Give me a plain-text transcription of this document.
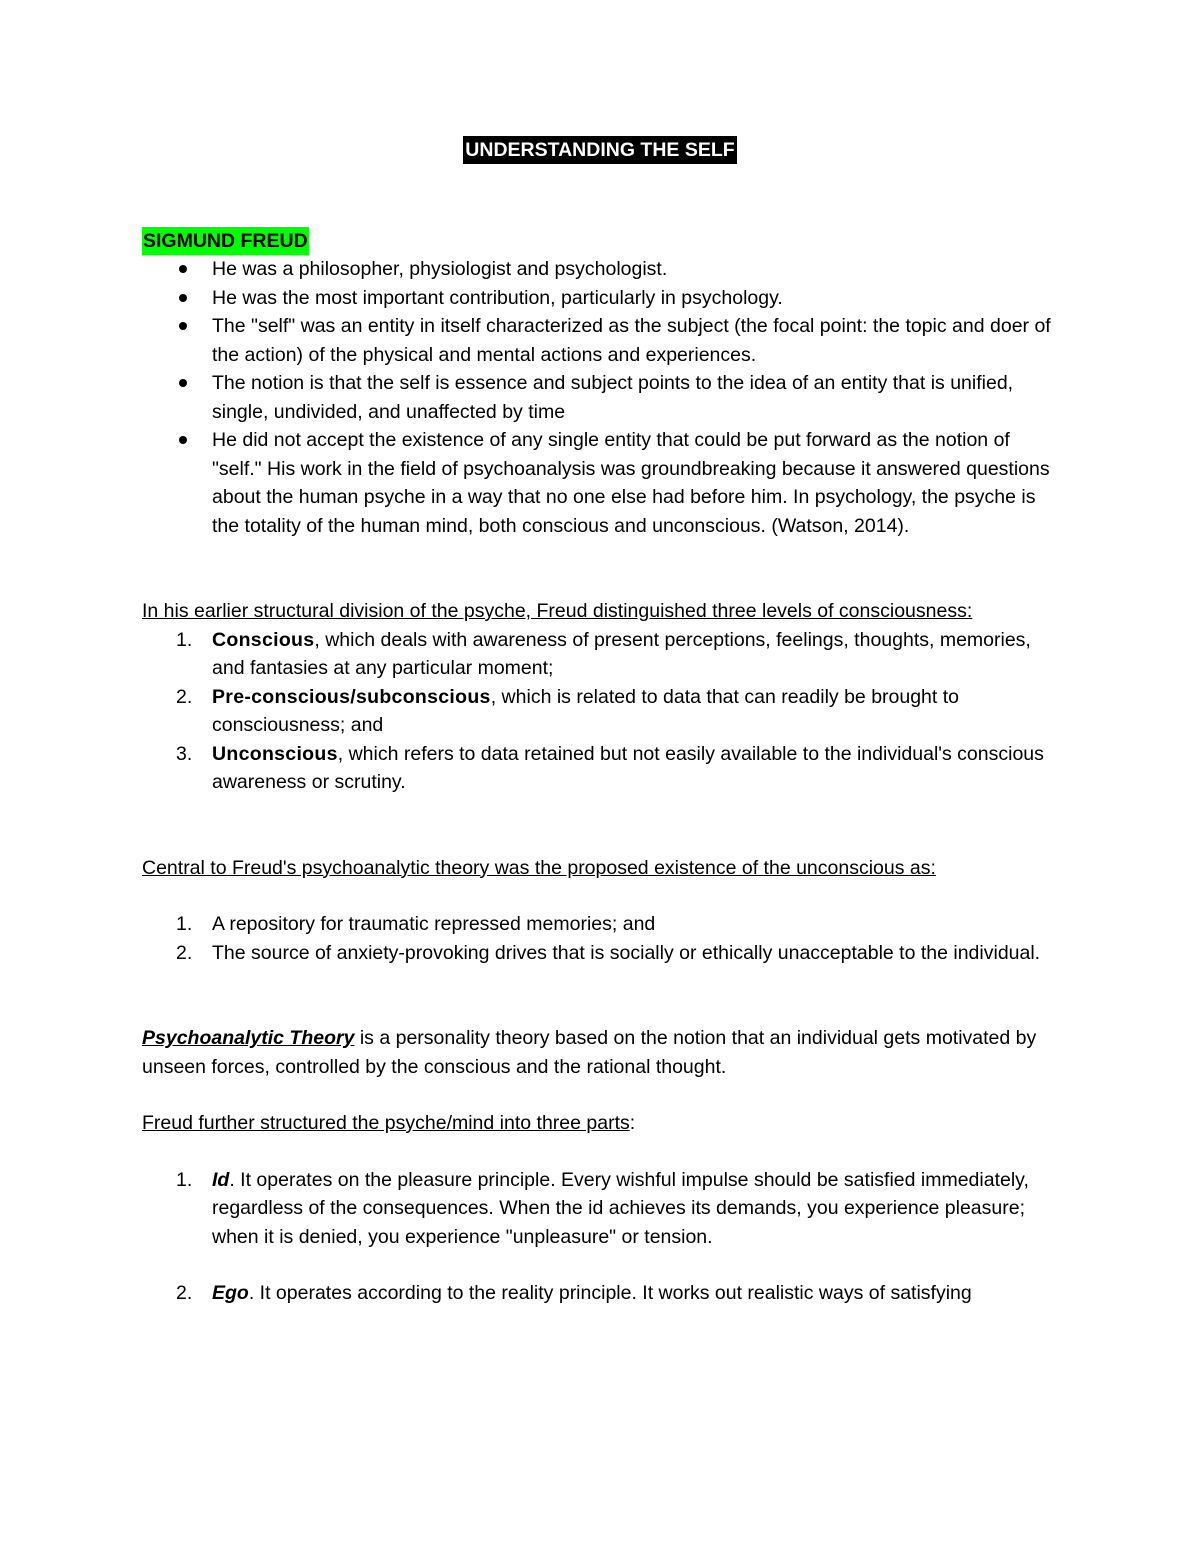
UNDERSTANDING THE SELF
SIGMUND FREUD
He was a philosopher, physiologist and psychologist.
He was the most important contribution, particularly in psychology.
The "self" was an entity in itself characterized as the subject (the focal point: the topic and doer of the action) of the physical and mental actions and experiences.
The notion is that the self is essence and subject points to the idea of an entity that is unified, single, undivided, and unaffected by time
He did not accept the existence of any single entity that could be put forward as the notion of "self." His work in the field of psychoanalysis was groundbreaking because it answered questions about the human psyche in a way that no one else had before him. In psychology, the psyche is the totality of the human mind, both conscious and unconscious. (Watson, 2014).
In his earlier structural division of the psyche, Freud distinguished three levels of consciousness:
1. Conscious, which deals with awareness of present perceptions, feelings, thoughts, memories, and fantasies at any particular moment;
2. Pre-conscious/subconscious, which is related to data that can readily be brought to consciousness; and
3. Unconscious, which refers to data retained but not easily available to the individual's conscious awareness or scrutiny.
Central to Freud's psychoanalytic theory was the proposed existence of the unconscious as:
1. A repository for traumatic repressed memories; and
2. The source of anxiety-provoking drives that is socially or ethically unacceptable to the individual.
Psychoanalytic Theory is a personality theory based on the notion that an individual gets motivated by unseen forces, controlled by the conscious and the rational thought.
Freud further structured the psyche/mind into three parts:
1. Id. It operates on the pleasure principle. Every wishful impulse should be satisfied immediately, regardless of the consequences. When the id achieves its demands, you experience pleasure; when it is denied, you experience "unpleasure" or tension.
2. Ego. It operates according to the reality principle. It works out realistic ways of satisfying
